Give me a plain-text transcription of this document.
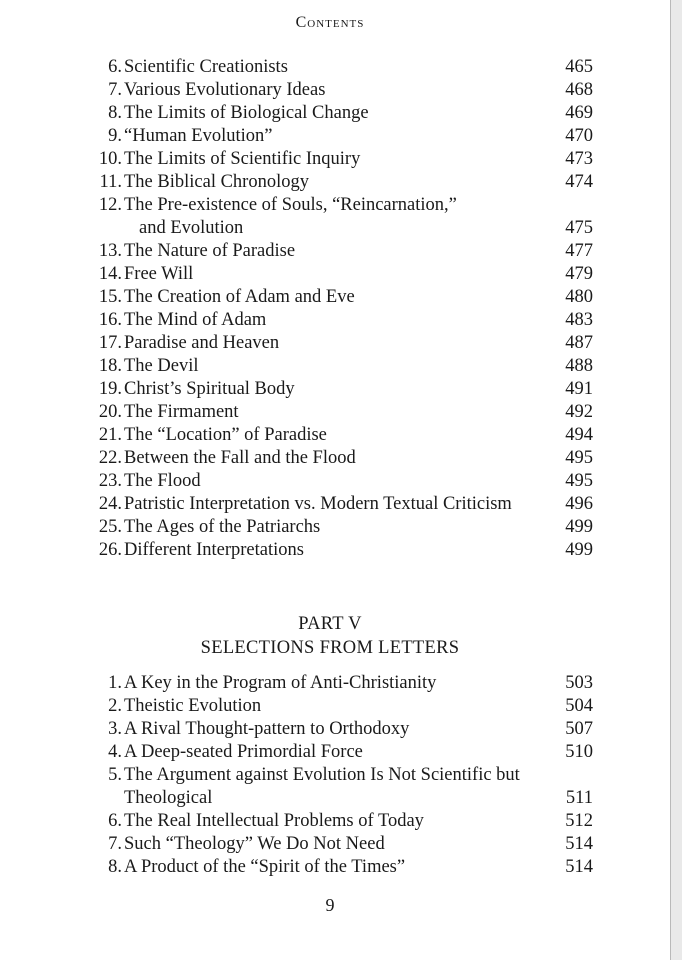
Contents
6. Scientific Creationists	465
7. Various Evolutionary Ideas	468
8. The Limits of Biological Change	469
9. “Human Evolution”	470
10. The Limits of Scientific Inquiry	473
11. The Biblical Chronology	474
12. The Pre-existence of Souls, “Reincarnation,”
and Evolution	475
13. The Nature of Paradise	477
14. Free Will	479
15. The Creation of Adam and Eve	480
16. The Mind of Adam	483
17. Paradise and Heaven	487
18. The Devil	488
19. Christ’s Spiritual Body	491
20. The Firmament	492
21. The “Location” of Paradise	494
22. Between the Fall and the Flood	495
23. The Flood	495
24. Patristic Interpretation vs. Modern Textual Criticism	496
25. The Ages of the Patriarchs	499
26. Different Interpretations	499
PART V
SELECTIONS FROM LETTERS
1. A Key in the Program of Anti-Christianity	503
2. Theistic Evolution	504
3. A Rival Thought-pattern to Orthodoxy	507
4. A Deep-seated Primordial Force	510
5. The Argument against Evolution Is Not Scientific but
Theological	511
6. The Real Intellectual Problems of Today	512
7. Such “Theology” We Do Not Need	514
8. A Product of the “Spirit of the Times”	514
9
